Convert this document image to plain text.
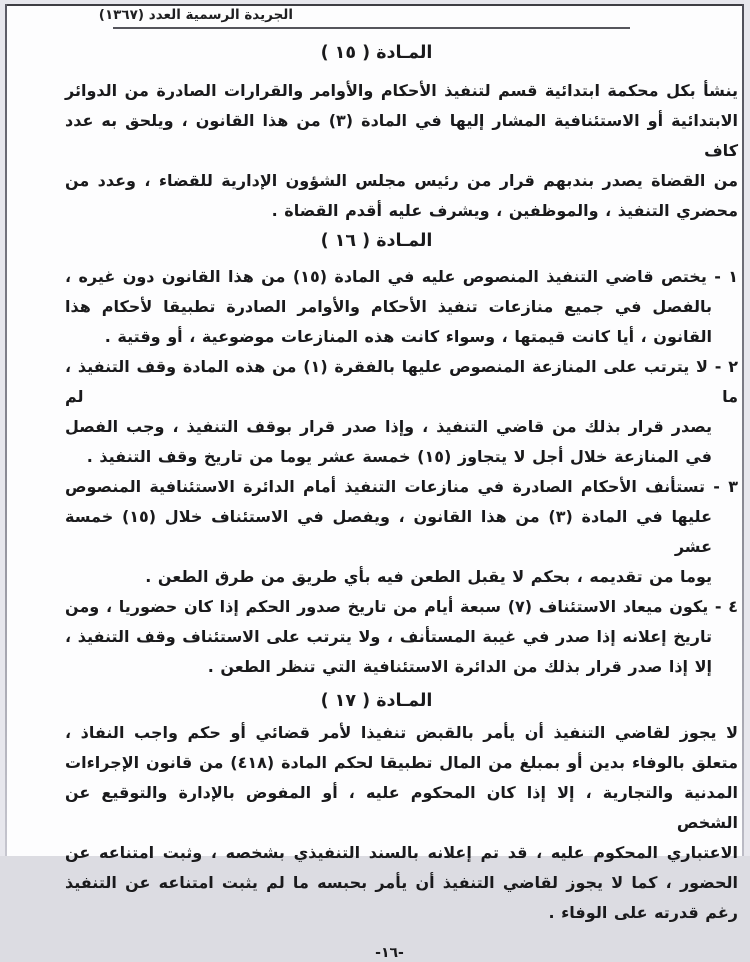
الجريدة الرسمية العدد (١٣٦٧)
المـادة ( ١٥ )
ينشأ بكل محكمة ابتدائية قسم لتنفيذ الأحكام والأوامر والقرارات الصادرة من الدوائر
الابتدائية أو الاستئنافية المشار إليها في المادة (٣) من هذا القانون ، ويلحق به عدد كاف
من القضاة يصدر بندبهم قرار من رئيس مجلس الشؤون الإدارية للقضاء ، وعدد من
محضري التنفيذ ، والموظفين ، ويشرف عليه أقدم القضاة .
المـادة ( ١٦ )
١ - يختص قاضي التنفيذ المنصوص عليه في المادة (١٥) من هذا القانون دون غيره ،
بالفصل في جميع منازعات تنفيذ الأحكام والأوامر الصادرة تطبيقا لأحكام هذا
القانون ، أيا كانت قيمتها ، وسواء كانت هذه المنازعات موضوعية ، أو وقتية .
٢ - لا يترتب على المنازعة المنصوص عليها بالفقرة (١) من هذه المادة وقف التنفيذ ، ما لم
يصدر قرار بذلك من قاضي التنفيذ ، وإذا صدر قرار بوقف التنفيذ ، وجب الفصل
في المنازعة خلال أجل لا يتجاوز (١٥) خمسة عشر يوما من تاريخ وقف التنفيذ .
٣ - تستأنف الأحكام الصادرة في منازعات التنفيذ أمام الدائرة الاستئنافية المنصوص
عليها في المادة (٣) من هذا القانون ، ويفصل في الاستئناف خلال (١٥) خمسة عشر
يوما من تقديمه ، بحكم لا يقبل الطعن فيه بأي طريق من طرق الطعن .
٤ - يكون ميعاد الاستئناف (٧) سبعة أيام من تاريخ صدور الحكم إذا كان حضوريا ، ومن
تاريخ إعلانه إذا صدر في غيبة المستأنف ، ولا يترتب على الاستئناف وقف التنفيذ ،
إلا إذا صدر قرار بذلك من الدائرة الاستئنافية التي تنظر الطعن .
المـادة ( ١٧ )
لا يجوز لقاضي التنفيذ أن يأمر بالقبض تنفيذا لأمر قضائي أو حكم واجب النفاذ ،
متعلق بالوفاء بدين أو بمبلغ من المال تطبيقا لحكم المادة (٤١٨) من قانون الإجراءات
المدنية والتجارية ، إلا إذا كان المحكوم عليه ، أو المفوض بالإدارة والتوقيع عن الشخص
الاعتباري المحكوم عليه ، قد تم إعلانه بالسند التنفيذي بشخصه ، وثبت امتناعه عن
الحضور ، كما لا يجوز لقاضي التنفيذ أن يأمر بحبسه ما لم يثبت امتناعه عن التنفيذ
رغم قدرته على الوفاء .
-١٦-
